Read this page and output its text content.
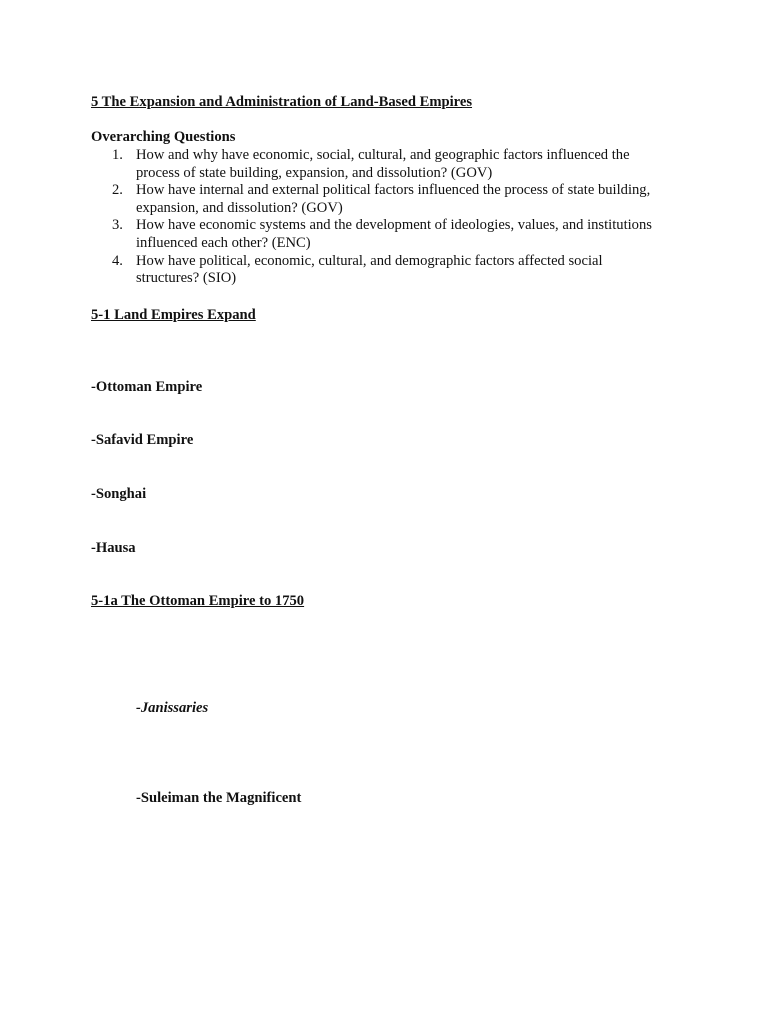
5 The Expansion and Administration of Land-Based Empires
Overarching Questions
1. How and why have economic, social, cultural, and geographic factors influenced the
process of state building, expansion, and dissolution? (GOV)
2. How have internal and external political factors influenced the process of state building,
expansion, and dissolution? (GOV)
3. How have economic systems and the development of ideologies, values, and institutions
influenced each other? (ENC)
4. How have political, economic, cultural, and demographic factors affected social
structures? (SIO)
5-1 Land Empires Expand
-Ottoman Empire
-Safavid Empire
-Songhai
-Hausa
5-1a The Ottoman Empire to 1750
-Janissaries
-Suleiman the Magnificent
